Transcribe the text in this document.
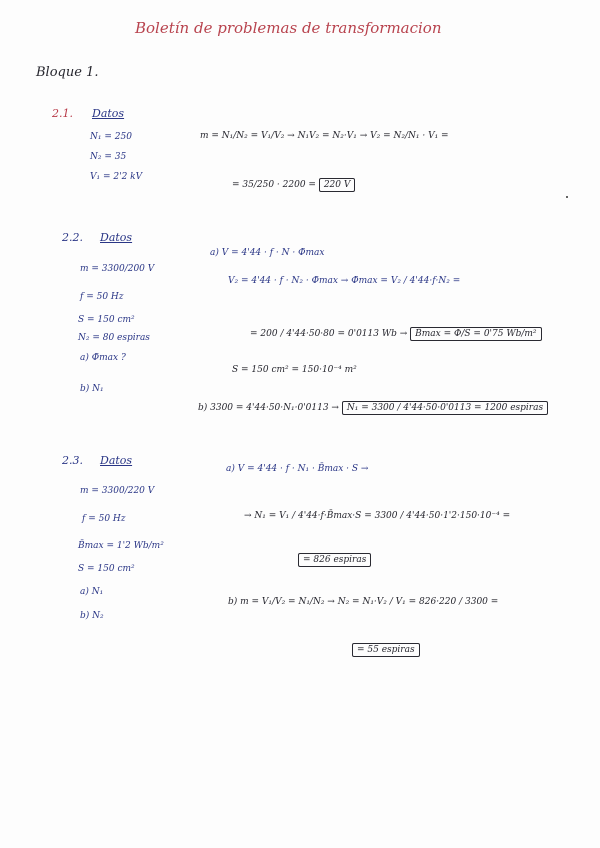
Boletín de problemas de transformacion
Bloque 1.
2.1. Datos
N₁ = 250
N₂ = 35
V₁ = 2'2 kV
m = N₁/N₂ = V₁/V₂ → N₁V₂ = N₂·V₁ → V₂ = N₂/N₁ · V₁ =
= 35/250 · 2200 = 220 V
2.2. Datos
m = 3300/200 V
f = 50 Hz
S = 150 cm²
N₂ = 80 espiras
a) Φ̄max ?
b) N₁
a) V = 4'44 · f · N · Φ̄max
V₂ = 4'44 · f · N₂ · Φ̄max → Φ̄max = V₂ / 4'44·f·N₂ =
= 200 / 4'44·50·80 = 0'0113 Wb → B̄max = Φ/S = 0'75 Wb/m²
S = 150 cm² = 150·10⁻⁴ m²
b) 3300 = 4'44·50·N₁·0'0113 → N₁ = 3300 / 4'44·50·0'0113 = 1200 espiras
2.3. Datos
m = 3300/220 V
f = 50 Hz
B̄max = 1'2 Wb/m²
S = 150 cm²
a) N₁
b) N₂
a) V = 4'44 · f · N₁ · B̄max · S →
→ N₁ = V₁ / 4'44·f·B̄max·S = 3300 / 4'44·50·1'2·150·10⁻⁴ =
= 826 espiras
b) m = V₁/V₂ = N₁/N₂ → N₂ = N₁·V₂ / V₁ = 826·220 / 3300 =
= 55 espiras
